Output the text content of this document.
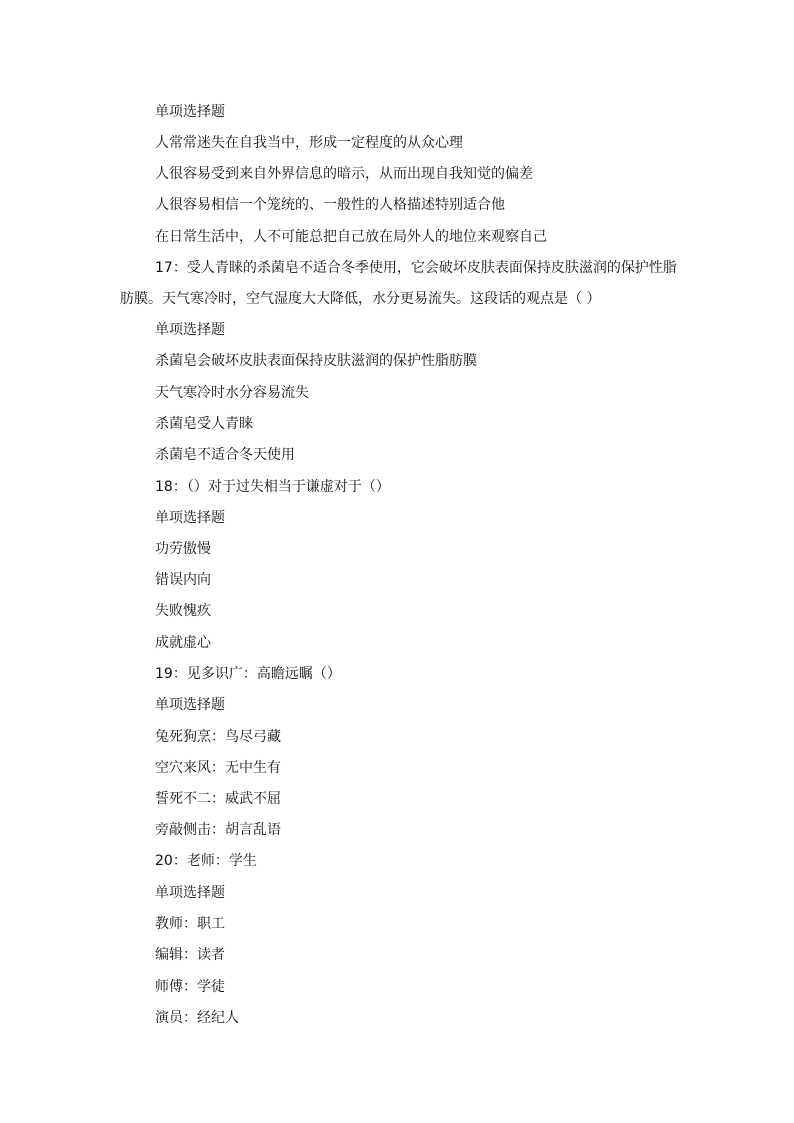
单项选择题
人常常迷失在自我当中，形成一定程度的从众心理
人很容易受到来自外界信息的暗示，从而出现自我知觉的偏差
人很容易相信一个笼统的、一般性的人格描述特别适合他
在日常生活中，人不可能总把自己放在局外人的地位来观察自己
17：受人青睐的杀菌皂不适合冬季使用，它会破坏皮肤表面保持皮肤滋润的保护性脂肪膜。天气寒冷时，空气湿度大大降低，水分更易流失。这段话的观点是（ ）
单项选择题
杀菌皂会破坏皮肤表面保持皮肤滋润的保护性脂肪膜
天气寒冷时水分容易流失
杀菌皂受人青睐
杀菌皂不适合冬天使用
18：（）对于过失相当于谦虚对于（）
单项选择题
功劳傲慢
错误内向
失败愧疚
成就虚心
19：见多识广：高瞻远瞩（）
单项选择题
兔死狗烹：鸟尽弓藏
空穴来风：无中生有
誓死不二：威武不屈
旁敲侧击：胡言乱语
20：老师：学生
单项选择题
教师：职工
编辑：读者
师傅：学徒
演员：经纪人
